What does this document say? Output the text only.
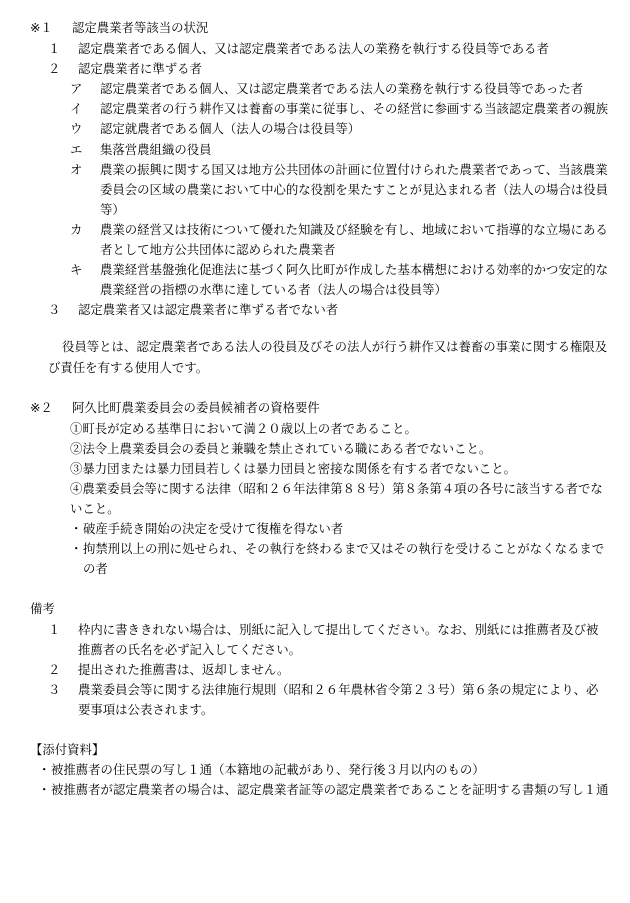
※１	認定農業者等該当の状況
１	認定農業者である個人、又は認定農業者である法人の業務を執行する役員等である者
２	認定農業者に準ずる者
ア	認定農業者である個人、又は認定農業者である法人の業務を執行する役員等であった者
イ	認定農業者の行う耕作又は養畜の事業に従事し、その経営に参画する当該認定農業者の親族
ウ	認定就農者である個人（法人の場合は役員等）
エ	集落営農組織の役員
オ	農業の振興に関する国又は地方公共団体の計画に位置付けられた農業者であって、当該農業委員会の区域の農業において中心的な役割を果たすことが見込まれる者（法人の場合は役員等）
カ	農業の経営又は技術について優れた知識及び経験を有し、地域において指導的な立場にある者として地方公共団体に認められた農業者
キ	農業経営基盤強化促進法に基づく阿久比町が作成した基本構想における効率的かつ安定的な農業経営の指標の水準に達している者（法人の場合は役員等）
３	認定農業者又は認定農業者に準ずる者でない者
役員等とは、認定農業者である法人の役員及びその法人が行う耕作又は養畜の事業に関する権限及び責任を有する使用人です。
※２	阿久比町農業委員会の委員候補者の資格要件
①町長が定める基準日において満２０歳以上の者であること。
②法令上農業委員会の委員と兼職を禁止されている職にある者でないこと。
③暴力団または暴力団員若しくは暴力団員と密接な関係を有する者でないこと。
④農業委員会等に関する法律（昭和２６年法律第８８号）第８条第４項の各号に該当する者でないこと。
・ 破産手続き開始の決定を受けて復権を得ない者
・ 拘禁刑以上の刑に処せられ、その執行を終わるまで又はその執行を受けることがなくなるまでの者
備考
１	枠内に書ききれない場合は、別紙に記入して提出してください。なお、別紙には推薦者及び被推薦者の氏名を必ず記入してください。
２	提出された推薦書は、返却しません。
３	農業委員会等に関する法律施行規則（昭和２６年農林省令第２３号）第６条の規定により、必要事項は公表されます。
【添付資料】
・ 被推薦者の住民票の写し１通（本籍地の記載があり、発行後３月以内のもの）
・ 被推薦者が認定農業者の場合は、認定農業者証等の認定農業者であることを証明する書類の写し１通
